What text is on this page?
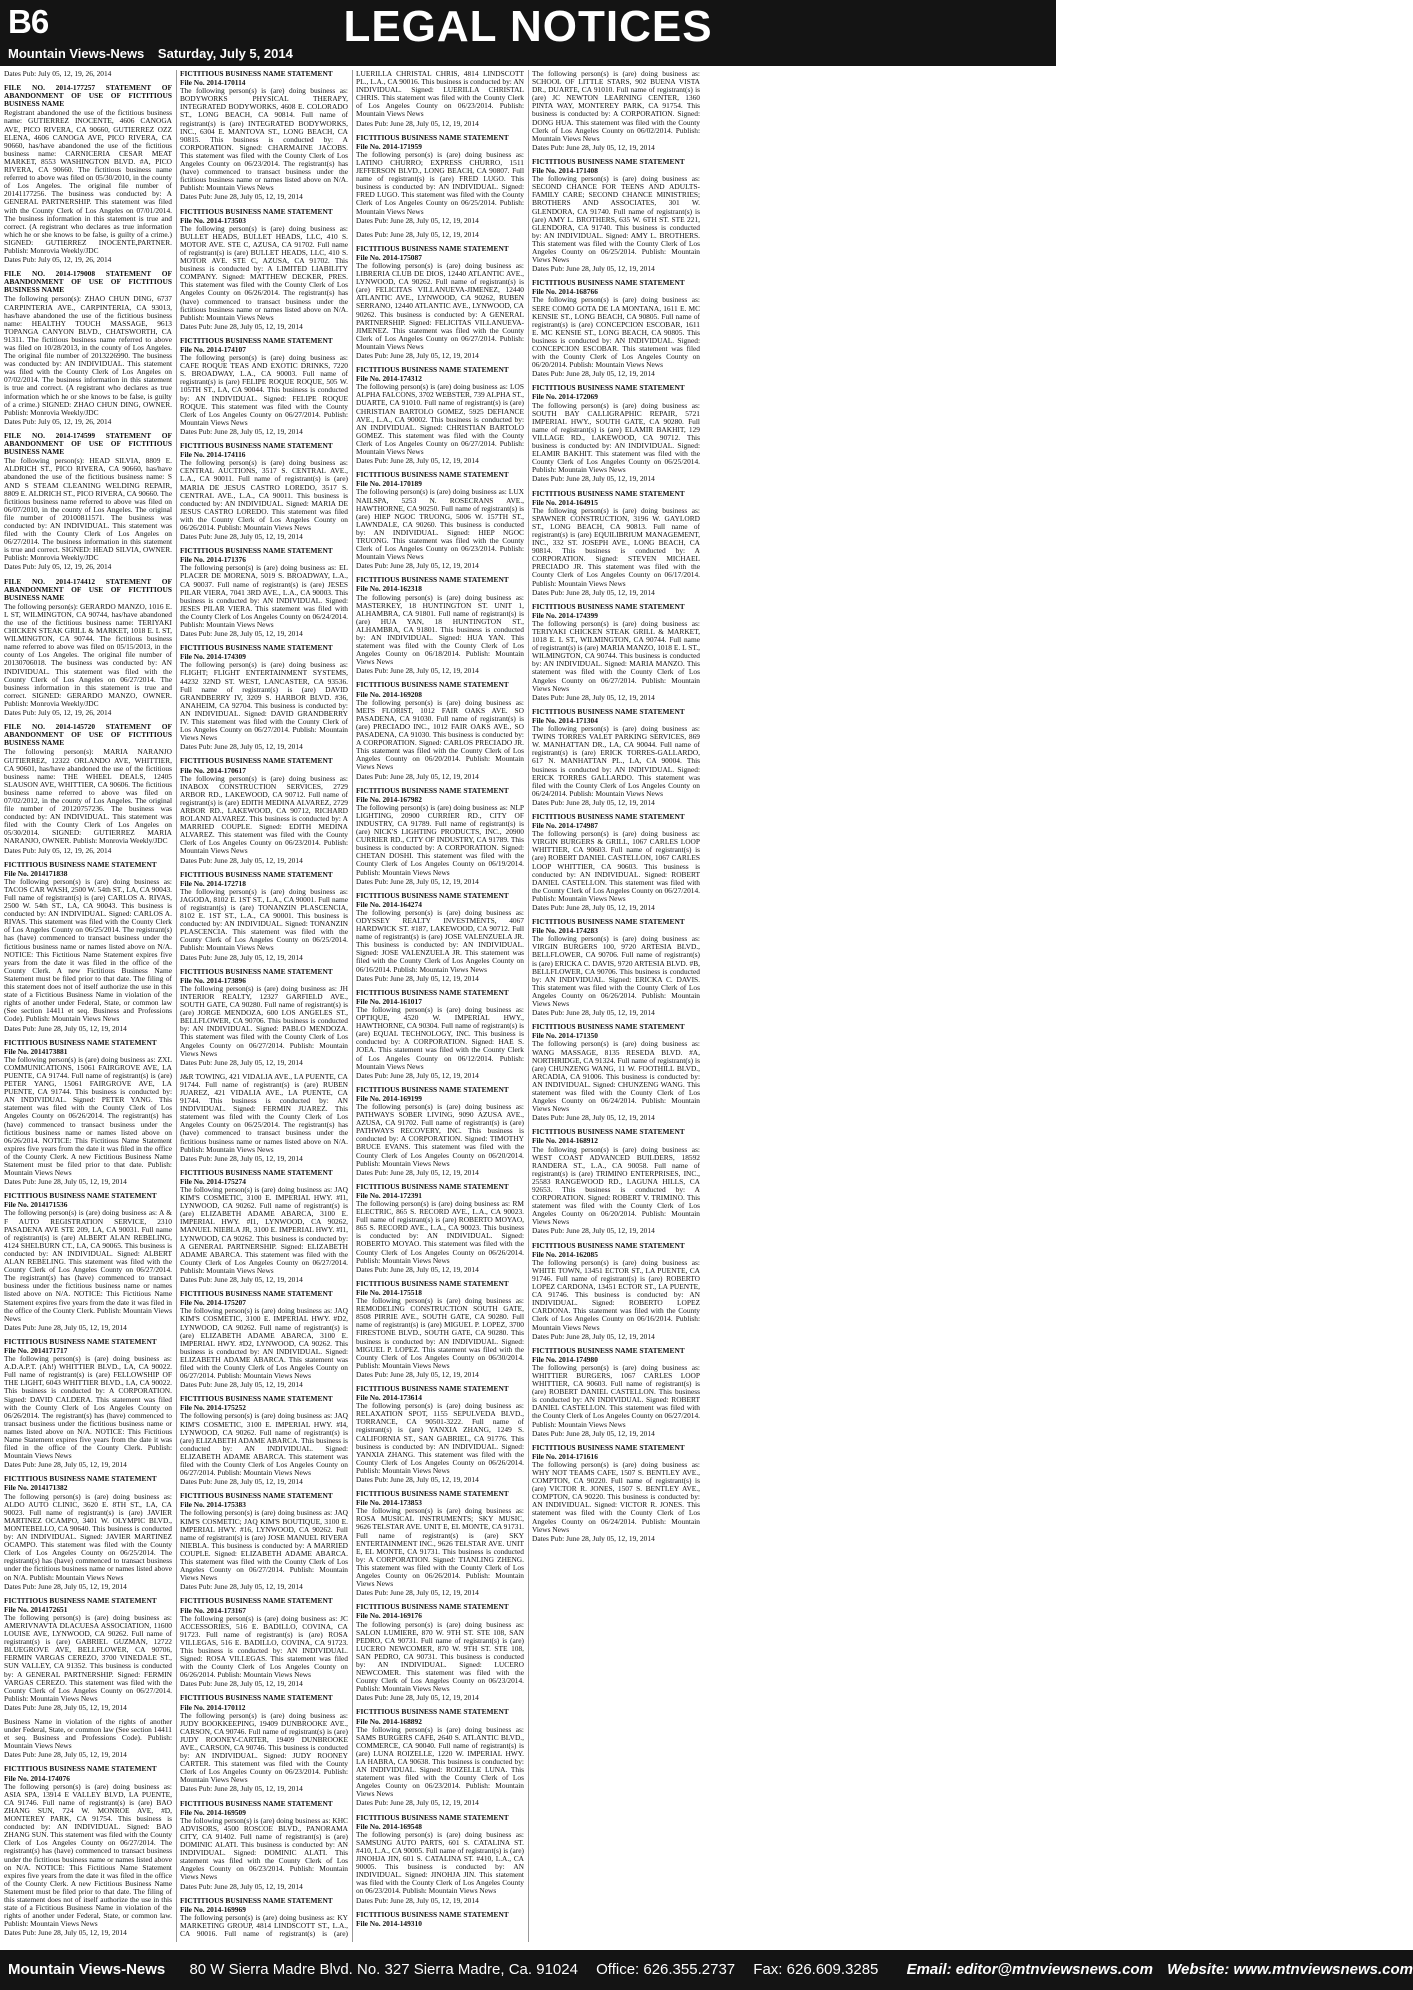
B6	LEGAL NOTICES
Mountain Views-News Saturday, July 5, 2014
Dates Pub: July 05, 12, 19, 26, 2014
FILE NO. 2014-177257 STATEMENT OF ABANDONMENT OF USE OF FICTITIOUS BUSINESS NAME
Registrant abandoned the use of the fictitious business name: GUTIERREZ INOCENTE, 4606 CANOGA AVE, PICO RIVERA, CA 90660, GUTIERREZ OZZ ELENA, 4606 CANOGA AVE, PICO RIVERA, CA 90660, has/have abandoned the use of the fictitious business name: CARNICERIA CESAR MEAT MARKET, 8553 WASHINGTON BLVD. #A, PICO RIVERA, CA 90660. The fictitious business name referred to above was filed on 05/30/2010, in the county of Los Angeles. The original file number of 20141177256. The business was conducted by: A GENERAL PARTNERSHIP. This statement was filed with the County Clerk of Los Angeles on 07/01/2014. The business information in this statement is true and correct. (A registrant who declares as true information which he or she knows to be false, is guilty of a crime.) SIGNED: GUTIERREZ INOCENTE,PARTNER. Publish: Monrovia Weekly/JDC
Dates Pub: July 05, 12, 19, 26, 2014
FILE NO. 2014-179008 STATEMENT OF ABANDONMENT OF USE OF FICTITIOUS BUSINESS NAME
The following person(s): ZHAO CHUN DING, 6737 CARPINTERIA AVE., CARPINTERIA, CA 93013, has/have abandoned the use of the fictitious business name: HEALTHY TOUCH MASSAGE, 9613 TOPANGA CANYON BLVD., CHATSWORTH, CA 91311. The fictitious business name referred to above was filed on 10/28/2013, in the county of Los Angeles. The original file number of 2013226990. The business was conducted by: AN INDIVIDUAL. This statement was filed with the County Clerk of Los Angeles on 07/02/2014. The business information in this statement is true and correct. (A registrant who declares as true information which he or she knows to be false, is guilty of a crime.) SIGNED: ZHAO CHUN DING, OWNER. Publish: Monrovia Weekly/JDC
Dates Pub: July 05, 12, 19, 26, 2014
FILE NO. 2014-174599 STATEMENT OF ABANDONMENT OF USE OF FICTITIOUS BUSINESS NAME
The following person(s): HEAD SILVIA, 8809 E. ALDRICH ST., PICO RIVERA, CA 90660, has/have abandoned the use of the fictitious business name: S AND S STEAM CLEANING WELDING REPAIR, 8809 E. ALDRICH ST., PICO RIVERA, CA 90660. The fictitious business name referred to above was filed on 06/07/2010, in the county of Los Angeles. The original file number of 20100811571. The business was conducted by: AN INDIVIDUAL. This statement was filed with the County Clerk of Los Angeles on 06/27/2014. The business information in this statement is true and correct. SIGNED: HEAD SILVIA, OWNER. Publish: Monrovia Weekly/JDC
Dates Pub: July 05, 12, 19, 26, 2014
FILE NO. 2014-174412 STATEMENT OF ABANDONMENT OF USE OF FICTITIOUS BUSINESS NAME
The following person(s): GERARDO MANZO, 1016 E. L ST, WILMINGTON, CA 90744, has/have abandoned the use of the fictitious business name: TERIYAKI CHICKEN STEAK GRILL & MARKET, 1018 E. L ST, WILMINGTON, CA 90744. The fictitious business name referred to above was filed on 05/15/2013, in the county of Los Angeles. The original file number of 20130706018. The business was conducted by: AN INDIVIDUAL. This statement was filed with the County Clerk of Los Angeles on 06/27/2014. The business information in this statement is true and correct. SIGNED: GERARDO MANZO, OWNER. Publish: Monrovia Weekly/JDC
Dates Pub: July 05, 12, 19, 26, 2014
FILE NO. 2014-145720 STATEMENT OF ABANDONMENT OF USE OF FICTITIOUS BUSINESS NAME
The following person(s): MARIA NARANJO GUTIERREZ, 12322 ORLANDO AVE, WHITTIER, CA 90601, has/have abandoned the use of the fictitious business name: THE WHEEL DEALS, 12405 SLAUSON AVE, WHITTIER, CA 90606. The fictitious business name referred to above was filed on 07/02/2012, in the county of Los Angeles. The original file number of 20120757236. The business was conducted by: AN INDIVIDUAL. This statement was filed with the County Clerk of Los Angeles on 05/30/2014. SIGNED: GUTIERREZ MARIA NARANJO, OWNER. Publish: Monrovia Weekly/JDC
Dates Pub: July 05, 12, 19, 26, 2014
FICTITIOUS BUSINESS NAME STATEMENT
File No. 2014171838
The following person(s) is (are) doing business as: TACOS CAR WASH, 2500 W. 54th ST., LA, CA 90043. Full name of registrant(s) is (are) CARLOS A. RIVAS, 2500 W. 54th ST., LA, CA 90043. This business is conducted by: AN INDIVIDUAL. Signed: CARLOS A. RIVAS. This statement was filed with the County Clerk of Los Angeles County on 06/25/2014. The registrant(s) has (have) commenced to transact business under the fictitious business name or names listed above on N/A. NOTICE: This Fictitious Name Statement expires five years from the date it was filed in the office of the County Clerk. A new Fictitious Business Name Statement must be filed prior to that date. The filing of this statement does not of itself authorize the use in this state of a Fictitious Business Name in violation of the rights of another under Federal, State, or common law (See section 14411 et seq. Business and Professions Code). Publish: Mountain Views News
Dates Pub: June 28, July 05, 12, 19, 2014
FICTITIOUS BUSINESS NAME STATEMENT
File No. 2014173881
The following person(s) is (are) doing business as: ZXL COMMUNICATIONS, 15061 FAIRGROVE AVE, LA PUENTE, CA 91744. Full name of registrant(s) is (are) PETER YANG, 15061 FAIRGROVE AVE, LA PUENTE, CA 91744. This business is conducted by: AN INDIVIDUAL. Signed: PETER YANG. This statement was filed with the County Clerk of Los Angeles County on 06/26/2014. The registrant(s) has (have) commenced to transact business under the fictitious business name or names listed above on 06/26/2014. NOTICE: This Fictitious Name Statement expires five years from the date it was filed in the office of the County Clerk. A new Fictitious Business Name Statement must be filed prior to that date. Publish: Mountain Views News
Dates Pub: June 28, July 05, 12, 19, 2014
FICTITIOUS BUSINESS NAME STATEMENT
File No. 2014171536
The following person(s) is (are) doing business as: A & F AUTO REGISTRATION SERVICE, 2310 PASADENA AVE STE 209, LA, CA 90031. Full name of registrant(s) is (are) ALBERT ALAN REBELING, 4124 SHELBURN CT., LA, CA 90065. This business is conducted by: AN INDIVIDUAL. Signed: ALBERT ALAN REBELING. This statement was filed with the County Clerk of Los Angeles County on 06/27/2014. The registrant(s) has (have) commenced to transact business under the fictitious business name or names listed above on N/A. NOTICE: This Fictitious Name Statement expires five years from the date it was filed in the office of the County Clerk. Publish: Mountain Views News
Dates Pub: June 28, July 05, 12, 19, 2014
FICTITIOUS BUSINESS NAME STATEMENT
File No. 2014171717
The following person(s) is (are) doing business as: A.D.A.P.T. (Ah!) WHITTIER BLVD., LA, CA 90022. Full name of registrant(s) is (are) FELLOWSHIP OF THE LIGHT, 6043 WHITTIER BLVD., LA, CA 90022. This business is conducted by: A CORPORATION. Signed: DAVID CALDERA. This statement was filed with the County Clerk of Los Angeles County on 06/26/2014. The registrant(s) has (have) commenced to transact business under the fictitious business name or names listed above on N/A. NOTICE: This Fictitious Name Statement expires five years from the date it was filed in the office of the County Clerk. Publish: Mountain Views News
Dates Pub: June 28, July 05, 12, 19, 2014
FICTITIOUS BUSINESS NAME STATEMENT
File No. 2014171382
The following person(s) is (are) doing business as: ALDO AUTO CLINIC, 3620 E. 8TH ST., LA, CA 90023. Full name of registrant(s) is (are) JAVIER MARTINEZ OCAMPO, 3401 W. OLYMPIC BLVD., MONTEBELLO, CA 90640. This business is conducted by: AN INDIVIDUAL. Signed: JAVIER MARTINEZ OCAMPO. This statement was filed with the County Clerk of Los Angeles County on 06/25/2014. The registrant(s) has (have) commenced to transact business under the fictitious business name or names listed above on N/A. Publish: Mountain Views News
Dates Pub: June 28, July 05, 12, 19, 2014
FICTITIOUS BUSINESS NAME STATEMENT
File No. 2014172651
The following person(s) is (are) doing business as: AMERIVNAVTA DLACUESA ASSOCIATION, 11600 LOUISE AVE, LYNWOOD, CA 90262. Full name of registrant(s) is (are) GABRIEL GUZMAN, 12722 BLUEGROVE AVE, BELLFLOWER, CA 90706, FERMIN VARGAS CEREZO, 3700 VINEDALE ST., SUN VALLEY, CA 91352. This business is conducted by: A GENERAL PARTNERSHIP. Signed: FERMIN VARGAS CEREZO. This statement was filed with the County Clerk of Los Angeles County on 06/27/2014. Publish: Mountain Views News
Dates Pub: June 28, July 05, 12, 19, 2014
Business Name in violation of the rights of another under Federal, State, or common law (See section 14411 et seq. Business and Professions Code). Publish: Mountain Views News
Dates Pub: June 28, July 05, 12, 19, 2014
FICTITIOUS BUSINESS NAME STATEMENT
File No. 2014-174076
The following person(s) is (are) doing business as: ASIA SPA, 13914 E VALLEY BLVD, LA PUENTE, CA 91746. Full name of registrant(s) is (are) BAO ZHANG SUN, 724 W. MONROE AVE, #D, MONTEREY PARK, CA 91754. This business is conducted by: AN INDIVIDUAL. Signed: BAO ZHANG SUN. This statement was filed with the County Clerk of Los Angeles County on 06/27/2014. The registrant(s) has (have) commenced to transact business under the fictitious business name or names listed above on N/A. NOTICE: This Fictitious Name Statement expires five years from the date it was filed in the office of the County Clerk. A new Fictitious Business Name Statement must be filed prior to that date. The filing of this statement does not of itself authorize the use in this state of a Fictitious Business Name in violation of the rights of another under Federal, State, or common law. Publish: Mountain Views News
Dates Pub: June 28, July 05, 12, 19, 2014
FICTITIOUS BUSINESS NAME STATEMENT
File No. 2014-170114
The following person(s) is (are) doing business as: BODYWORKS PHYSICAL THERAPY, INTEGRATED BODYWORKS, 4608 E. COLORADO ST., LONG BEACH, CA 90814. Full name of registrant(s) is (are) INTEGRATED BODYWORKS, INC., 6304 E. MANTOVA ST., LONG BEACH, CA 90815. This business is conducted by: A CORPORATION. Signed: CHARMAINE JACOBS. This statement was filed with the County Clerk of Los Angeles County on 06/23/2014. The registrant(s) has (have) commenced to transact business under the fictitious business name or names listed above on N/A. Publish: Mountain Views News
Dates Pub: June 28, July 05, 12, 19, 2014
FICTITIOUS BUSINESS NAME STATEMENT
File No. 2014-173503
The following person(s) is (are) doing business as: BULLET HEADS, BULLET HEADS, LLC, 410 S. MOTOR AVE. STE C, AZUSA, CA 91702. Full name of registrant(s) is (are) BULLET HEADS, LLC, 410 S. MOTOR AVE. STE C, AZUSA, CA 91702. This business is conducted by: A LIMITED LIABILITY COMPANY. Signed: MATTHEW DECKER, PRES. This statement was filed with the County Clerk of Los Angeles County on 06/26/2014. The registrant(s) has (have) commenced to transact business under the fictitious business name or names listed above on N/A. Publish: Mountain Views News
Dates Pub: June 28, July 05, 12, 19, 2014
FICTITIOUS BUSINESS NAME STATEMENT
File No. 2014-174107
The following person(s) is (are) doing business as: CAFE ROQUE TEAS AND EXOTIC DRINKS, 7220 S. BROADWAY, L.A., CA 90003. Full name of registrant(s) is (are) FELIPE ROQUE ROQUE, 505 W. 105TH ST., LA, CA 90044. This business is conducted by: AN INDIVIDUAL. Signed: FELIPE ROQUE ROQUE. This statement was filed with the County Clerk of Los Angeles County on 06/27/2014. Publish: Mountain Views News
Dates Pub: June 28, July 05, 12, 19, 2014
FICTITIOUS BUSINESS NAME STATEMENT
File No. 2014-174116
The following person(s) is (are) doing business as: CENTRAL AUCTIONS, 3517 S. CENTRAL AVE., L.A., CA 90011. Full name of registrant(s) is (are) MARIA DE JESUS CASTRO LOREDO, 3517 S. CENTRAL AVE., L.A., CA 90011. This business is conducted by: AN INDIVIDUAL. Signed: MARIA DE JESUS CASTRO LOREDO. This statement was filed with the County Clerk of Los Angeles County on 06/26/2014. Publish: Mountain Views News
Dates Pub: June 28, July 05, 12, 19, 2014
FICTITIOUS BUSINESS NAME STATEMENT
File No. 2014-171376
The following person(s) is (are) doing business as: EL PLACER DE MORENA, 5019 S. BROADWAY, L.A., CA 90037. Full name of registrant(s) is (are) JESES PILAR VIERA, 7041 3RD AVE., L.A., CA 90003. This business is conducted by: AN INDIVIDUAL. Signed: JESES PILAR VIERA. This statement was filed with the County Clerk of Los Angeles County on 06/24/2014. Publish: Mountain Views News
Dates Pub: June 28, July 05, 12, 19, 2014
FICTITIOUS BUSINESS NAME STATEMENT
File No. 2014-174309
The following person(s) is (are) doing business as: FLIGHT; FLIGHT ENTERTAINMENT SYSTEMS, 44232 32ND ST. WEST, LANCASTER, CA 93536. Full name of registrant(s) is (are) DAVID GRANDBERRY IV, 3209 S. HARBOR BLVD. #36, ANAHEIM, CA 92704. This business is conducted by: AN INDIVIDUAL. Signed: DAVID GRANDBERRY IV. This statement was filed with the County Clerk of Los Angeles County on 06/27/2014. Publish: Mountain Views News
Dates Pub: June 28, July 05, 12, 19, 2014
FICTITIOUS BUSINESS NAME STATEMENT
File No. 2014-170617
The following person(s) is (are) doing business as: INABOX CONSTRUCTION SERVICES, 2729 ARBOR RD., LAKEWOOD, CA 90712. Full name of registrant(s) is (are) EDITH MEDINA ALVAREZ, 2729 ARBOR RD., LAKEWOOD, CA 90712, RICHARD ROLAND ALVAREZ. This business is conducted by: A MARRIED COUPLE. Signed: EDITH MEDINA ALVAREZ. This statement was filed with the County Clerk of Los Angeles County on 06/23/2014. Publish: Mountain Views News
Dates Pub: June 28, July 05, 12, 19, 2014
FICTITIOUS BUSINESS NAME STATEMENT
File No. 2014-172718
The following person(s) is (are) doing business as: JAGODA, 8102 E. 1ST ST., L.A., CA 90001. Full name of registrant(s) is (are) TONANZIN PLASCENCIA, 8102 E. 1ST ST., L.A., CA 90001. This business is conducted by: AN INDIVIDUAL. Signed: TONANZIN PLASCENCIA. This statement was filed with the County Clerk of Los Angeles County on 06/25/2014. Publish: Mountain Views News
Dates Pub: June 28, July 05, 12, 19, 2014
FICTITIOUS BUSINESS NAME STATEMENT
File No. 2014-173896
The following person(s) is (are) doing business as: JH INTERIOR REALTY, 12327 GARFIELD AVE., SOUTH GATE, CA 90280. Full name of registrant(s) is (are) JORGE MENDOZA, 600 LOS ANGELES ST., BELLFLOWER, CA 90706. This business is conducted by: AN INDIVIDUAL. Signed: PABLO MENDOZA. This statement was filed with the County Clerk of Los Angeles County on 06/27/2014. Publish: Mountain Views News
Dates Pub: June 28, July 05, 12, 19, 2014
J&R TOWING, 421 VIDALIA AVE., LA PUENTE, CA 91744. Full name of registrant(s) is (are) RUBEN JUAREZ, 421 VIDALIA AVE., LA PUENTE, CA 91744. This business is conducted by: AN INDIVIDUAL. Signed: FERMIN JUAREZ. This statement was filed with the County Clerk of Los Angeles County on 06/25/2014. The registrant(s) has (have) commenced to transact business under the fictitious business name or names listed above on N/A. Publish: Mountain Views News
Dates Pub: June 28, July 05, 12, 19, 2014
FICTITIOUS BUSINESS NAME STATEMENT
File No. 2014-175274
The following person(s) is (are) doing business as: JAQ KIM'S COSMETIC, 3100 E. IMPERIAL HWY. #I1, LYNWOOD, CA 90262. Full name of registrant(s) is (are) ELIZABETH ADAME ABARCA, 3100 E. IMPERIAL HWY. #I1, LYNWOOD, CA 90262, MANUEL NIEBLA JR, 3100 E. IMPERIAL HWY. #I1, LYNWOOD, CA 90262. This business is conducted by: A GENERAL PARTNERSHIP. Signed: ELIZABETH ADAME ABARCA. This statement was filed with the County Clerk of Los Angeles County on 06/27/2014. Publish: Mountain Views News
Dates Pub: June 28, July 05, 12, 19, 2014
FICTITIOUS BUSINESS NAME STATEMENT
File No. 2014-175207
The following person(s) is (are) doing business as: JAQ KIM'S COSMETIC, 3100 E. IMPERIAL HWY. #D2, LYNWOOD, CA 90262. Full name of registrant(s) is (are) ELIZABETH ADAME ABARCA, 3100 E. IMPERIAL HWY. #D2, LYNWOOD, CA 90262. This business is conducted by: AN INDIVIDUAL. Signed: ELIZABETH ADAME ABARCA. This statement was filed with the County Clerk of Los Angeles County on 06/27/2014. Publish: Mountain Views News
Dates Pub: June 28, July 05, 12, 19, 2014
FICTITIOUS BUSINESS NAME STATEMENT
File No. 2014-175252
The following person(s) is (are) doing business as: JAQ KIM'S COSMETIC, 3100 E. IMPERIAL HWY. #I4, LYNWOOD, CA 90262. Full name of registrant(s) is (are) ELIZABETH ADAME ABARCA. This business is conducted by: AN INDIVIDUAL. Signed: ELIZABETH ADAME ABARCA. This statement was filed with the County Clerk of Los Angeles County on 06/27/2014. Publish: Mountain Views News
Dates Pub: June 28, July 05, 12, 19, 2014
FICTITIOUS BUSINESS NAME STATEMENT
File No. 2014-175383
The following person(s) is (are) doing business as: JAQ KIM'S COSMETIC; JAQ KIM'S BOUTIQUE, 3100 E. IMPERIAL HWY. #16, LYNWOOD, CA 90262. Full name of registrant(s) is (are) JOSE MANUEL RIVERA NIEBLA. This business is conducted by: A MARRIED COUPLE. Signed: ELIZABETH ADAME ABARCA. This statement was filed with the County Clerk of Los Angeles County on 06/27/2014. Publish: Mountain Views News
Dates Pub: June 28, July 05, 12, 19, 2014
FICTITIOUS BUSINESS NAME STATEMENT
File No. 2014-173167
The following person(s) is (are) doing business as: JC ACCESSORIES, 516 E. BADILLO, COVINA, CA 91723. Full name of registrant(s) is (are) ROSA VILLEGAS, 516 E. BADILLO, COVINA, CA 91723. This business is conducted by: AN INDIVIDUAL. Signed: ROSA VILLEGAS. This statement was filed with the County Clerk of Los Angeles County on 06/26/2014. Publish: Mountain Views News
Dates Pub: June 28, July 05, 12, 19, 2014
FICTITIOUS BUSINESS NAME STATEMENT
File No. 2014-170112
The following person(s) is (are) doing business as: JUDY BOOKKEEPING, 19409 DUNBROOKE AVE., CARSON, CA 90746. Full name of registrant(s) is (are) JUDY ROONEY-CARTER, 19409 DUNBROOKE AVE., CARSON, CA 90746. This business is conducted by: AN INDIVIDUAL. Signed: JUDY ROONEY CARTER. This statement was filed with the County Clerk of Los Angeles County on 06/23/2014. Publish: Mountain Views News
Dates Pub: June 28, July 05, 12, 19, 2014
FICTITIOUS BUSINESS NAME STATEMENT
File No. 2014-169509
The following person(s) is (are) doing business as: KHC ADVISORS, 4500 ROSCOE BLVD., PANORAMA CITY, CA 91402. Full name of registrant(s) is (are) DOMINIC ALATI. This business is conducted by: AN INDIVIDUAL. Signed: DOMINIC ALATI. This statement was filed with the County Clerk of Los Angeles County on 06/23/2014. Publish: Mountain Views News
Dates Pub: June 28, July 05, 12, 19, 2014
FICTITIOUS BUSINESS NAME STATEMENT
File No. 2014-169969
The following person(s) is (are) doing business as: KY MARKETING GROUP, 4814 LINDSCOTT ST., L.A., CA 90016. Full name of registrant(s) is (are) LUERILLA CHRISTAL CHRIS, 4814 LINDSCOTT PL., L.A., CA 90016. This business is conducted by: AN INDIVIDUAL. Signed: LUERILLA CHRISTAL CHRIS. This statement was filed with the County Clerk of Los Angeles County on 06/23/2014. Publish: Mountain Views News
Dates Pub: June 28, July 05, 12, 19, 2014
FICTITIOUS BUSINESS NAME STATEMENT
File No. 2014-171959
The following person(s) is (are) doing business as: LATINO CHURRO; EXPRESS CHURRO, 1511 JEFFERSON BLVD., LONG BEACH, CA 90807. Full name of registrant(s) is (are) FRED LUGO. This business is conducted by: AN INDIVIDUAL. Signed: FRED LUGO. This statement was filed with the County Clerk of Los Angeles County on 06/25/2014. Publish: Mountain Views News
Dates Pub: June 28, July 05, 12, 19, 2014
Dates Pub: June 28, July 05, 12, 19, 2014
FICTITIOUS BUSINESS NAME STATEMENT
File No. 2014-175087
The following person(s) is (are) doing business as: LIBRERIA CLUB DE DIOS, 12440 ATLANTIC AVE., LYNWOOD, CA 90262. Full name of registrant(s) is (are) FELICITAS VILLANUEVA-JIMENEZ, 12440 ATLANTIC AVE., LYNWOOD, CA 90262, RUBEN SERRANO, 12440 ATLANTIC AVE., LYNWOOD, CA 90262. This business is conducted by: A GENERAL PARTNERSHIP. Signed: FELICITAS VILLANUEVA-JIMENEZ. This statement was filed with the County Clerk of Los Angeles County on 06/27/2014. Publish: Mountain Views News
Dates Pub: June 28, July 05, 12, 19, 2014
FICTITIOUS BUSINESS NAME STATEMENT
File No. 2014-174312
The following person(s) is (are) doing business as: LOS ALPHA FALCONS, 3702 WEBSTER, 739 ALPHA ST., DUARTE, CA 91010. Full name of registrant(s) is (are) CHRISTIAN BARTOLO GOMEZ, 5925 DEFIANCE AVE., L.A., CA 90002. This business is conducted by: AN INDIVIDUAL. Signed: CHRISTIAN BARTOLO GOMEZ. This statement was filed with the County Clerk of Los Angeles County on 06/27/2014. Publish: Mountain Views News
Dates Pub: June 28, July 05, 12, 19, 2014
FICTITIOUS BUSINESS NAME STATEMENT
File No. 2014-170189
The following person(s) is (are) doing business as: LUX NAILSPA, 5253 N. ROSECRANS AVE., HAWTHORNE, CA 90250. Full name of registrant(s) is (are) HIEP NGOC TRUONG, 5006 W. 157TH ST., LAWNDALE, CA 90260. This business is conducted by: AN INDIVIDUAL. Signed: HIEP NGOC TRUONG. This statement was filed with the County Clerk of Los Angeles County on 06/23/2014. Publish: Mountain Views News
Dates Pub: June 28, July 05, 12, 19, 2014
FICTITIOUS BUSINESS NAME STATEMENT
File No. 2014-162318
The following person(s) is (are) doing business as: MASTERKEY, 18 HUNTINGTON ST. UNIT 1, ALHAMBRA, CA 91801. Full name of registrant(s) is (are) HUA YAN, 18 HUNTINGTON ST., ALHAMBRA, CA 91801. This business is conducted by: AN INDIVIDUAL. Signed: HUA YAN. This statement was filed with the County Clerk of Los Angeles County on 06/18/2014. Publish: Mountain Views News
Dates Pub: June 28, July 05, 12, 19, 2014
FICTITIOUS BUSINESS NAME STATEMENT
File No. 2014-169208
The following person(s) is (are) doing business as: MEI'S FLORIST, 1012 FAIR OAKS AVE. SO PASADENA, CA 91030. Full name of registrant(s) is (are) PRECIADO INC., 1012 FAIR OAKS AVE., SO PASADENA, CA 91030. This business is conducted by: A CORPORATION. Signed: CARLOS PRECIADO JR. This statement was filed with the County Clerk of Los Angeles County on 06/20/2014. Publish: Mountain Views News
Dates Pub: June 28, July 05, 12, 19, 2014
FICTITIOUS BUSINESS NAME STATEMENT
File No. 2014-167982
The following person(s) is (are) doing business as: NLP LIGHTING, 20900 CURRIER RD., CITY OF INDUSTRY, CA 91789. Full name of registrant(s) is (are) NICK'S LIGHTING PRODUCTS, INC., 20900 CURRIER RD., CITY OF INDUSTRY, CA 91789. This business is conducted by: A CORPORATION. Signed: CHETAN DOSHI. This statement was filed with the County Clerk of Los Angeles County on 06/19/2014. Publish: Mountain Views News
Dates Pub: June 28, July 05, 12, 19, 2014
FICTITIOUS BUSINESS NAME STATEMENT
File No. 2014-164274
The following person(s) is (are) doing business as: ODYSSEY REALTY INVESTMENTS, 4067 HARDWICK ST. #187, LAKEWOOD, CA 90712. Full name of registrant(s) is (are) JOSE VALENZUELA JR. This business is conducted by: AN INDIVIDUAL. Signed: JOSE VALENZUELA JR. This statement was filed with the County Clerk of Los Angeles County on 06/16/2014. Publish: Mountain Views News
Dates Pub: June 28, July 05, 12, 19, 2014
FICTITIOUS BUSINESS NAME STATEMENT
File No. 2014-161017
The following person(s) is (are) doing business as: OPTIQUE, 4520 W. IMPERIAL HWY., HAWTHORNE, CA 90304. Full name of registrant(s) is (are) EQUAL TECHNOLOGY, INC. This business is conducted by: A CORPORATION. Signed: HAE S. JOEA. This statement was filed with the County Clerk of Los Angeles County on 06/12/2014. Publish: Mountain Views News
Dates Pub: June 28, July 05, 12, 19, 2014
FICTITIOUS BUSINESS NAME STATEMENT
File No. 2014-169199
The following person(s) is (are) doing business as: PATHWAYS SOBER LIVING, 9090 AZUSA AVE., AZUSA, CA 91702. Full name of registrant(s) is (are) PATHWAYS RECOVERY, INC. This business is conducted by: A CORPORATION. Signed: TIMOTHY BRUCE EVANS. This statement was filed with the County Clerk of Los Angeles County on 06/20/2014. Publish: Mountain Views News
Dates Pub: June 28, July 05, 12, 19, 2014
FICTITIOUS BUSINESS NAME STATEMENT
File No. 2014-172391
The following person(s) is (are) doing business as: RM ELECTRIC, 865 S. RECORD AVE., L.A., CA 90023. Full name of registrant(s) is (are) ROBERTO MOYAO, 865 S. RECORD AVE., L.A., CA 90023. This business is conducted by: AN INDIVIDUAL. Signed: ROBERTO MOYAO. This statement was filed with the County Clerk of Los Angeles County on 06/26/2014. Publish: Mountain Views News
Dates Pub: June 28, July 05, 12, 19, 2014
FICTITIOUS BUSINESS NAME STATEMENT
File No. 2014-175518
The following person(s) is (are) doing business as: REMODELING CONSTRUCTION SOUTH GATE, 8508 PIRRIE AVE., SOUTH GATE, CA 90280. Full name of registrant(s) is (are) MIGUEL P. LOPEZ, 3700 FIRESTONE BLVD., SOUTH GATE, CA 90280. This business is conducted by: AN INDIVIDUAL. Signed: MIGUEL P. LOPEZ. This statement was filed with the County Clerk of Los Angeles County on 06/30/2014. Publish: Mountain Views News
Dates Pub: June 28, July 05, 12, 19, 2014
FICTITIOUS BUSINESS NAME STATEMENT
File No. 2014-173614
The following person(s) is (are) doing business as: RELAXATION SPOT, 1155 SEPULVEDA BLVD., TORRANCE, CA 90501-3222. Full name of registrant(s) is (are) YANXIA ZHANG, 1249 S. CALIFORNIA ST., SAN GABRIEL, CA 91776. This business is conducted by: AN INDIVIDUAL. Signed: YANXIA ZHANG. This statement was filed with the County Clerk of Los Angeles County on 06/26/2014. Publish: Mountain Views News
Dates Pub: June 28, July 05, 12, 19, 2014
FICTITIOUS BUSINESS NAME STATEMENT
File No. 2014-173853
The following person(s) is (are) doing business as: ROSA MUSICAL INSTRUMENTS; SKY MUSIC, 9626 TELSTAR AVE. UNIT E, EL MONTE, CA 91731. Full name of registrant(s) is (are) SKY ENTERTAINMENT INC., 9626 TELSTAR AVE. UNIT E, EL MONTE, CA 91731. This business is conducted by: A CORPORATION. Signed: TIANLING ZHENG. This statement was filed with the County Clerk of Los Angeles County on 06/26/2014. Publish: Mountain Views News
Dates Pub: June 28, July 05, 12, 19, 2014
FICTITIOUS BUSINESS NAME STATEMENT
File No. 2014-169176
The following person(s) is (are) doing business as: SALON LUMIERE, 870 W. 9TH ST. STE 108, SAN PEDRO, CA 90731. Full name of registrant(s) is (are) LUCERO NEWCOMER, 870 W. 9TH ST. STE 108, SAN PEDRO, CA 90731. This business is conducted by: AN INDIVIDUAL. Signed: LUCERO NEWCOMER. This statement was filed with the County Clerk of Los Angeles County on 06/23/2014. Publish: Mountain Views News
Dates Pub: June 28, July 05, 12, 19, 2014
FICTITIOUS BUSINESS NAME STATEMENT
File No. 2014-168892
The following person(s) is (are) doing business as: SAMS BURGERS CAFE, 2640 S. ATLANTIC BLVD., COMMERCE, CA 90040. Full name of registrant(s) is (are) LUNA ROIZELLE, 1220 W. IMPERIAL HWY. LA HABRA, CA 90638. This business is conducted by: AN INDIVIDUAL. Signed: ROIZELLE LUNA. This statement was filed with the County Clerk of Los Angeles County on 06/23/2014. Publish: Mountain Views News
Dates Pub: June 28, July 05, 12, 19, 2014
FICTITIOUS BUSINESS NAME STATEMENT
File No. 2014-169548
The following person(s) is (are) doing business as: SAMSUNG AUTO PARTS, 601 S. CATALINA ST. #410, L.A., CA 90005. Full name of registrant(s) is (are) JINOHJA JIN, 601 S. CATALINA ST. #410, L.A., CA 90005. This business is conducted by: AN INDIVIDUAL. Signed: JINOHJA JIN. This statement was filed with the County Clerk of Los Angeles County on 06/23/2014. Publish: Mountain Views News
Dates Pub: June 28, July 05, 12, 19, 2014
FICTITIOUS BUSINESS NAME STATEMENT
File No. 2014-149310
The following person(s) is (are) doing business as: SCHOOL OF LITTLE STARS, 902 BUENA VISTA DR., DUARTE, CA 91010. Full name of registrant(s) is (are) JC NEWTON LEARNING CENTER, 1360 PINTA WAY, MONTEREY PARK, CA 91754. This business is conducted by: A CORPORATION. Signed: DONG HUA. This statement was filed with the County Clerk of Los Angeles County on 06/02/2014. Publish: Mountain Views News
Dates Pub: June 28, July 05, 12, 19, 2014
FICTITIOUS BUSINESS NAME STATEMENT
File No. 2014-171408
The following person(s) is (are) doing business as: SECOND CHANCE FOR TEENS AND ADULTS-FAMILY CARE; SECOND CHANCE MINISTRIES; BROTHERS AND ASSOCIATES, 301 W. GLENDORA, CA 91740. Full name of registrant(s) is (are) AMY L. BROTHERS, 635 W. 6TH ST. STE 221, GLENDORA, CA 91740. This business is conducted by: AN INDIVIDUAL. Signed: AMY L. BROTHERS. This statement was filed with the County Clerk of Los Angeles County on 06/25/2014. Publish: Mountain Views News
Dates Pub: June 28, July 05, 12, 19, 2014
FICTITIOUS BUSINESS NAME STATEMENT
File No. 2014-168766
The following person(s) is (are) doing business as: SERE COMO GOTA DE LA MONTANA, 1611 E. MC KENSIE ST., LONG BEACH, CA 90805. Full name of registrant(s) is (are) CONCEPCION ESCOBAR, 1611 E. MC KENSIE ST., LONG BEACH, CA 90805. This business is conducted by: AN INDIVIDUAL. Signed: CONCEPCION ESCOBAR. This statement was filed with the County Clerk of Los Angeles County on 06/20/2014. Publish: Mountain Views News
Dates Pub: June 28, July 05, 12, 19, 2014
FICTITIOUS BUSINESS NAME STATEMENT
File No. 2014-172069
The following person(s) is (are) doing business as: SOUTH BAY CALLIGRAPHIC REPAIR, 5721 IMPERIAL HWY., SOUTH GATE, CA 90280. Full name of registrant(s) is (are) ELAMIR BAKHIT, 129 VILLAGE RD., LAKEWOOD, CA 90712. This business is conducted by: AN INDIVIDUAL. Signed: ELAMIR BAKHIT. This statement was filed with the County Clerk of Los Angeles County on 06/25/2014. Publish: Mountain Views News
Dates Pub: June 28, July 05, 12, 19, 2014
FICTITIOUS BUSINESS NAME STATEMENT
File No. 2014-164915
The following person(s) is (are) doing business as: SPAWNER CONSTRUCTION, 3196 W. GAYLORD ST., LONG BEACH, CA 90813. Full name of registrant(s) is (are) EQUILIBRIUM MANAGEMENT, INC., 332 ST. JOSEPH AVE., LONG BEACH, CA 90814. This business is conducted by: A CORPORATION. Signed: STEVEN MICHAEL PRECIADO JR. This statement was filed with the County Clerk of Los Angeles County on 06/17/2014. Publish: Mountain Views News
Dates Pub: June 28, July 05, 12, 19, 2014
FICTITIOUS BUSINESS NAME STATEMENT
File No. 2014-174399
The following person(s) is (are) doing business as: TERIYAKI CHICKEN STEAK GRILL & MARKET, 1018 E. L ST., WILMINGTON, CA 90744. Full name of registrant(s) is (are) MARIA MANZO, 1018 E. L ST., WILMINGTON, CA 90744. This business is conducted by: AN INDIVIDUAL. Signed: MARIA MANZO. This statement was filed with the County Clerk of Los Angeles County on 06/27/2014. Publish: Mountain Views News
Dates Pub: June 28, July 05, 12, 19, 2014
FICTITIOUS BUSINESS NAME STATEMENT
File No. 2014-171304
The following person(s) is (are) doing business as: TWINS TORRES VALET PARKING SERVICES, 869 W. MANHATTAN DR., LA, CA 90044. Full name of registrant(s) is (are) ERICK TORRES-GALLARDO, 617 N. MANHATTAN PL., LA, CA 90004. This business is conducted by: AN INDIVIDUAL. Signed: ERICK TORRES GALLARDO. This statement was filed with the County Clerk of Los Angeles County on 06/24/2014. Publish: Mountain Views News
Dates Pub: June 28, July 05, 12, 19, 2014
FICTITIOUS BUSINESS NAME STATEMENT
File No. 2014-174987
The following person(s) is (are) doing business as: VIRGIN BURGERS & GRILL, 1067 CARLES LOOP WHITTIER, CA 90603. Full name of registrant(s) is (are) ROBERT DANIEL CASTELLON, 1067 CARLES LOOP WHITTIER, CA 90603. This business is conducted by: AN INDIVIDUAL. Signed: ROBERT DANIEL CASTELLON. This statement was filed with the County Clerk of Los Angeles County on 06/27/2014. Publish: Mountain Views News
Dates Pub: June 28, July 05, 12, 19, 2014
FICTITIOUS BUSINESS NAME STATEMENT
File No. 2014-174283
The following person(s) is (are) doing business as: VIRGIN BURGERS 100, 9720 ARTESIA BLVD., BELLFLOWER, CA 90706. Full name of registrant(s) is (are) ERICKA C. DAVIS, 9720 ARTESIA BLVD. #B, BELLFLOWER, CA 90706. This business is conducted by: AN INDIVIDUAL. Signed: ERICKA C. DAVIS. This statement was filed with the County Clerk of Los Angeles County on 06/26/2014. Publish: Mountain Views News
Dates Pub: June 28, July 05, 12, 19, 2014
FICTITIOUS BUSINESS NAME STATEMENT
File No. 2014-171350
The following person(s) is (are) doing business as: WANG MASSAGE, 8135 RESEDA BLVD. #A, NORTHRIDGE, CA 91324. Full name of registrant(s) is (are) CHUNZENG WANG, 11 W. FOOTHILL BLVD., ARCADIA, CA 91006. This business is conducted by: AN INDIVIDUAL. Signed: CHUNZENG WANG. This statement was filed with the County Clerk of Los Angeles County on 06/24/2014. Publish: Mountain Views News
Dates Pub: June 28, July 05, 12, 19, 2014
FICTITIOUS BUSINESS NAME STATEMENT
File No. 2014-168912
The following person(s) is (are) doing business as: WEST COAST ADVANCED BUILDERS, 18592 RANDERA ST., L.A., CA 90058. Full name of registrant(s) is (are) TRIMINO ENTERPRISES, INC., 25583 RANGEWOOD RD., LAGUNA HILLS, CA 92653. This business is conducted by: A CORPORATION. Signed: ROBERT V. TRIMINO. This statement was filed with the County Clerk of Los Angeles County on 06/20/2014. Publish: Mountain Views News
Dates Pub: June 28, July 05, 12, 19, 2014
FICTITIOUS BUSINESS NAME STATEMENT
File No. 2014-162085
The following person(s) is (are) doing business as: WHITE TOWN, 13451 ECTOR ST., LA PUENTE, CA 91746. Full name of registrant(s) is (are) ROBERTO LOPEZ CARDONA, 13451 ECTOR ST., LA PUENTE, CA 91746. This business is conducted by: AN INDIVIDUAL. Signed: ROBERTO LOPEZ CARDONA. This statement was filed with the County Clerk of Los Angeles County on 06/16/2014. Publish: Mountain Views News
Dates Pub: June 28, July 05, 12, 19, 2014
FICTITIOUS BUSINESS NAME STATEMENT
File No. 2014-174980
The following person(s) is (are) doing business as: WHITTIER BURGERS, 1067 CARLES LOOP WHITTIER, CA 90603. Full name of registrant(s) is (are) ROBERT DANIEL CASTELLON. This business is conducted by: AN INDIVIDUAL. Signed: ROBERT DANIEL CASTELLON. This statement was filed with the County Clerk of Los Angeles County on 06/27/2014. Publish: Mountain Views News
Dates Pub: June 28, July 05, 12, 19, 2014
FICTITIOUS BUSINESS NAME STATEMENT
File No. 2014-171616
The following person(s) is (are) doing business as: WHY NOT TEAMS CAFE, 1507 S. BENTLEY AVE., COMPTON, CA 90220. Full name of registrant(s) is (are) VICTOR R. JONES, 1507 S. BENTLEY AVE., COMPTON, CA 90220. This business is conducted by: AN INDIVIDUAL. Signed: VICTOR R. JONES. This statement was filed with the County Clerk of Los Angeles County on 06/24/2014. Publish: Mountain Views News
Dates Pub: June 28, July 05, 12, 19, 2014
Mountain Views-News 80 W Sierra Madre Blvd. No. 327 Sierra Madre, Ca. 91024 Office: 626.355.2737 Fax: 626.609.3285 Email: editor@mtnviewsnews.com Website: www.mtnviewsnews.com
